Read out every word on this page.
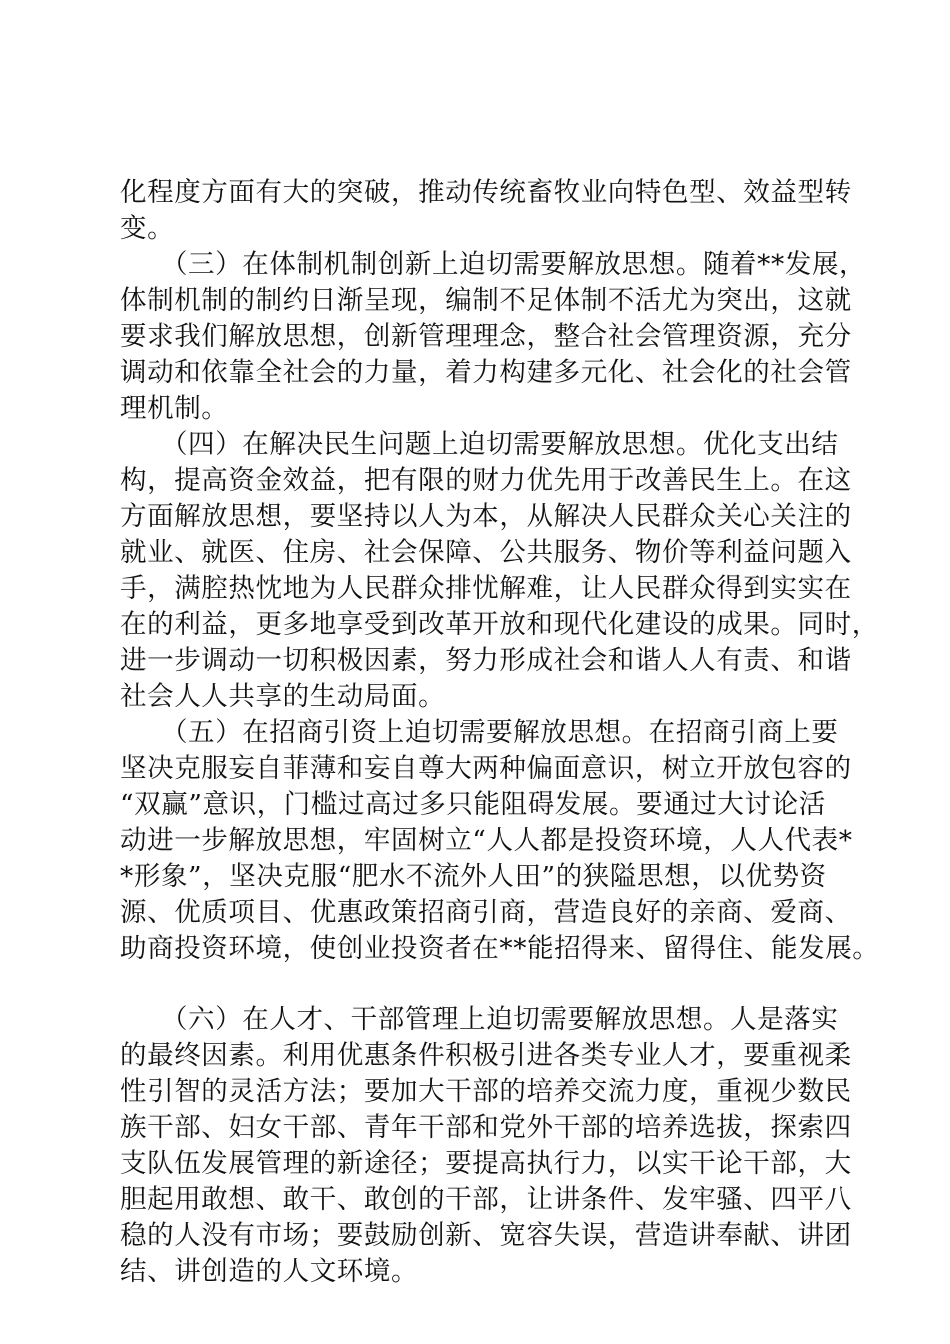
化程度方面有大的突破，推动传统畜牧业向特色型、效益型转
变。
　　（三）在体制机制创新上迫切需要解放思想。随着**发展，
体制机制的制约日渐呈现，编制不足体制不活尤为突出，这就
要求我们解放思想，创新管理理念，整合社会管理资源，充分
调动和依靠全社会的力量，着力构建多元化、社会化的社会管
理机制。
　　（四）在解决民生问题上迫切需要解放思想。优化支出结
构，提高资金效益，把有限的财力优先用于改善民生上。在这
方面解放思想，要坚持以人为本，从解决人民群众关心关注的
就业、就医、住房、社会保障、公共服务、物价等利益问题入
手，满腔热忱地为人民群众排忧解难，让人民群众得到实实在
在的利益，更多地享受到改革开放和现代化建设的成果。同时，
进一步调动一切积极因素，努力形成社会和谐人人有责、和谐
社会人人共享的生动局面。
　　（五）在招商引资上迫切需要解放思想。在招商引商上要
坚决克服妄自菲薄和妄自尊大两种偏面意识，树立开放包容的
“双赢”意识，门槛过高过多只能阻碍发展。要通过大讨论活
动进一步解放思想，牢固树立“人人都是投资环境，人人代表*
*形象”，坚决克服“肥水不流外人田”的狭隘思想，以优势资
源、优质项目、优惠政策招商引商，营造良好的亲商、爱商、
助商投资环境，使创业投资者在**能招得来、留得住、能发展。
　　（六）在人才、干部管理上迫切需要解放思想。人是落实
的最终因素。利用优惠条件积极引进各类专业人才，要重视柔
性引智的灵活方法；要加大干部的培养交流力度，重视少数民
族干部、妇女干部、青年干部和党外干部的培养选拔，探索四
支队伍发展管理的新途径；要提高执行力，以实干论干部，大
胆起用敢想、敢干、敢创的干部，让讲条件、发牢骚、四平八
稳的人没有市场；要鼓励创新、宽容失误，营造讲奉献、讲团
结、讲创造的人文环境。
